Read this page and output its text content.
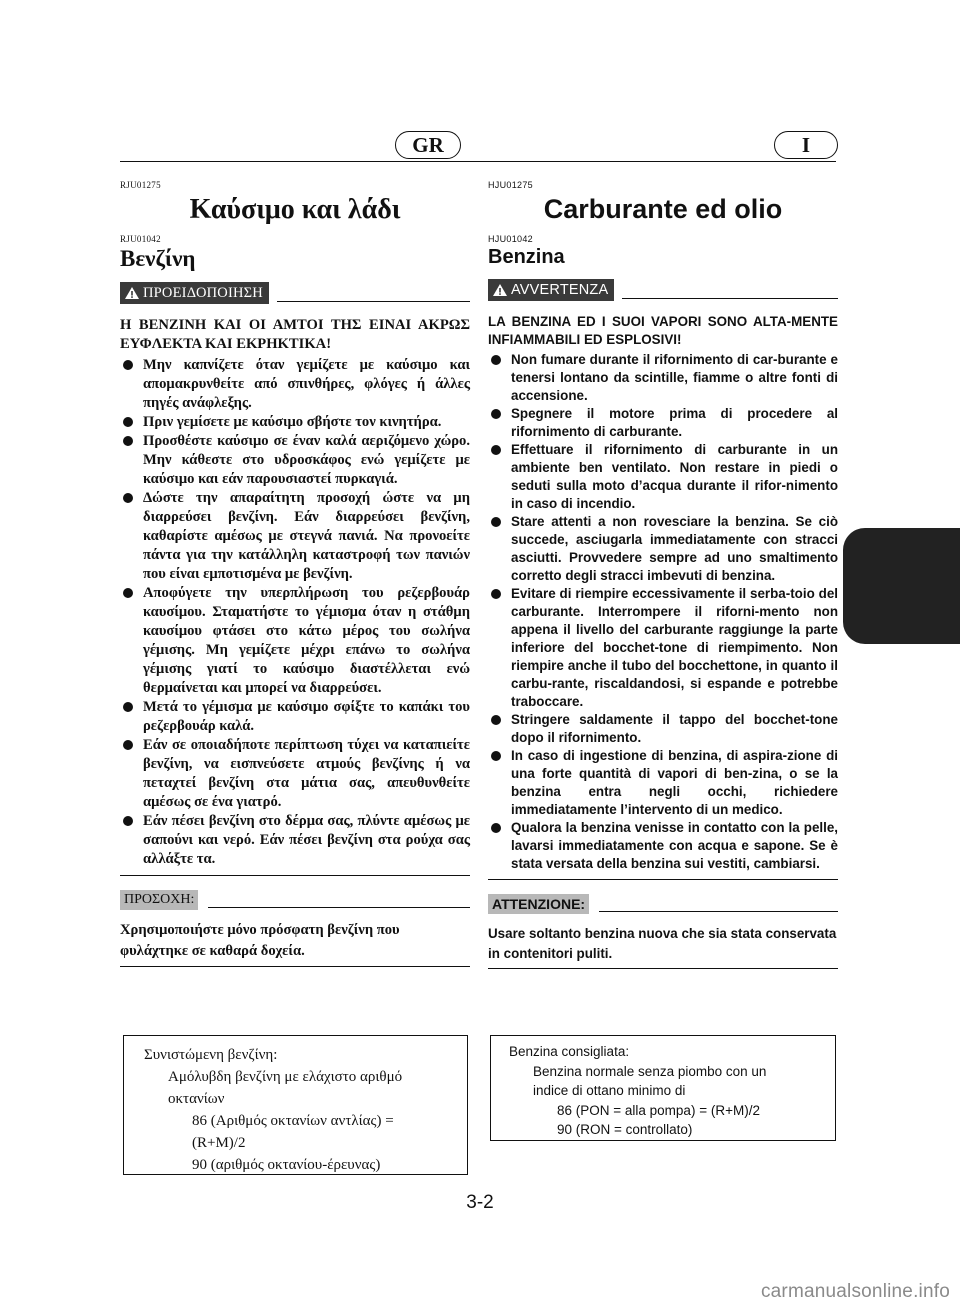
GR	I
RJU01275
Καύσιμο και λάδι
RJU01042
Βενζίνη
ΠΡΟΕΙΔΟΠΟΙΗΣΗ
Η ΒΕΝΖΙΝΗ ΚΑΙ ΟΙ ΑΜΤΟΙ ΤΗΣ ΕΙΝΑΙ ΑΚΡΩΣ ΕΥΦΛΕΚΤΑ ΚΑΙ ΕΚΡΗΚΤΙΚΑ!
Μην καπνίζετε όταν γεμίζετε με καύσιμο και απομακρυνθείτε από σπινθήρες, φλόγες ή άλλες πηγές ανάφλεξης.
Πριν γεμίσετε με καύσιμο σβήστε τον κινητήρα.
Προσθέστε καύσιμο σε έναν καλά αεριζόμενο χώρο. Μην κάθεστε στο υδροσκάφος ενώ γεμίζετε με καύσιμο και εάν παρουσιαστεί πυρκαγιά.
Δώστε την απαραίτητη προσοχή ώστε να μη διαρρεύσει βενζίνη. Εάν διαρρεύσει βενζίνη, καθαρίστε αμέσως με στεγνά πανιά. Να προνοείτε πάντα για την κατάλληλη καταστροφή των πανιών που είναι εμποτισμένα με βενζίνη.
Αποφύγετε την υπερπλήρωση του ρεζερβουάρ καυσίμου. Σταματήστε το γέμισμα όταν η στάθμη καυσίμου φτάσει στο κάτω μέρος του σωλήνα γέμισης. Μη γεμίζετε μέχρι επάνω το σωλήνα γέμισης γιατί το καύσιμο διαστέλλεται ενώ θερμαίνεται και μπορεί να διαρρεύσει.
Μετά το γέμισμα με καύσιμο σφίξτε το καπάκι του ρεζερβουάρ καλά.
Εάν σε οποιαδήποτε περίπτωση τύχει να καταπιείτε βενζίνη, να εισπνεύσετε ατμούς βενζίνης ή να πεταχτεί βενζίνη στα μάτια σας, απευθυνθείτε αμέσως σε ένα γιατρό.
Εάν πέσει βενζίνη στο δέρμα σας, πλύντε αμέσως με σαπούνι και νερό. Εάν πέσει βενζίνη στα ρούχα σας αλλάξτε τα.
ΠΡΟΣΟΧΗ:
Χρησιμοποιήστε μόνο πρόσφατη βενζίνη που φυλάχτηκε σε καθαρά δοχεία.
HJU01275
Carburante ed olio
HJU01042
Benzina
AVVERTENZA
LA BENZINA ED I SUOI VAPORI SONO ALTA-MENTE INFIAMMABILI ED ESPLOSIVI!
Non fumare durante il rifornimento di car-burante e tenersi lontano da scintille, fiamme o altre fonti di accensione.
Spegnere il motore prima di procedere al rifornimento di carburante.
Effettuare il rifornimento di carburante in un ambiente ben ventilato. Non restare in piedi o seduti sulla moto d’acqua durante il rifor-nimento in caso di incendio.
Stare attenti a non rovesciare la benzina. Se ciò succede, asciugarla immediatamente con stracci asciutti. Provvedere sempre ad uno smaltimento corretto degli stracci imbevuti di benzina.
Evitare di riempire eccessivamente il serba-toio del carburante. Interrompere il riforni-mento non appena il livello del carburante raggiunge la parte inferiore del bocchet-tone di riempimento. Non riempire anche il tubo del bocchettone, in quanto il carbu-rante, riscaldandosi, si espande e potrebbe traboccare.
Stringere saldamente il tappo del bocchet-tone dopo il rifornimento.
In caso di ingestione di benzina, di aspira-zione di una forte quantità di vapori di ben-zina, o se la benzina entra negli occhi, richiedere immediatamente l’intervento di un medico.
Qualora la benzina venisse in contatto con la pelle, lavarsi immediatamente con acqua e sapone. Se è stata versata della benzina sui vestiti, cambiarsi.
ATTENZIONE:
Usare soltanto benzina nuova che sia stata conservata in contenitori puliti.
Συνιστώμενη βενζίνη:
Αμόλυβδη βενζίνη με ελάχιστο αριθμό
οκτανίων
86 (Αριθμός οκτανίων αντλίας) =
(R+M)/2
90 (αριθμός οκτανίου-έρευνας)
Benzina consigliata:
Benzina normale senza piombo con un
indice di ottano minimo di
86 (PON = alla pompa) = (R+M)/2
90 (RON = controllato)
3-2
carmanualsonline.info
